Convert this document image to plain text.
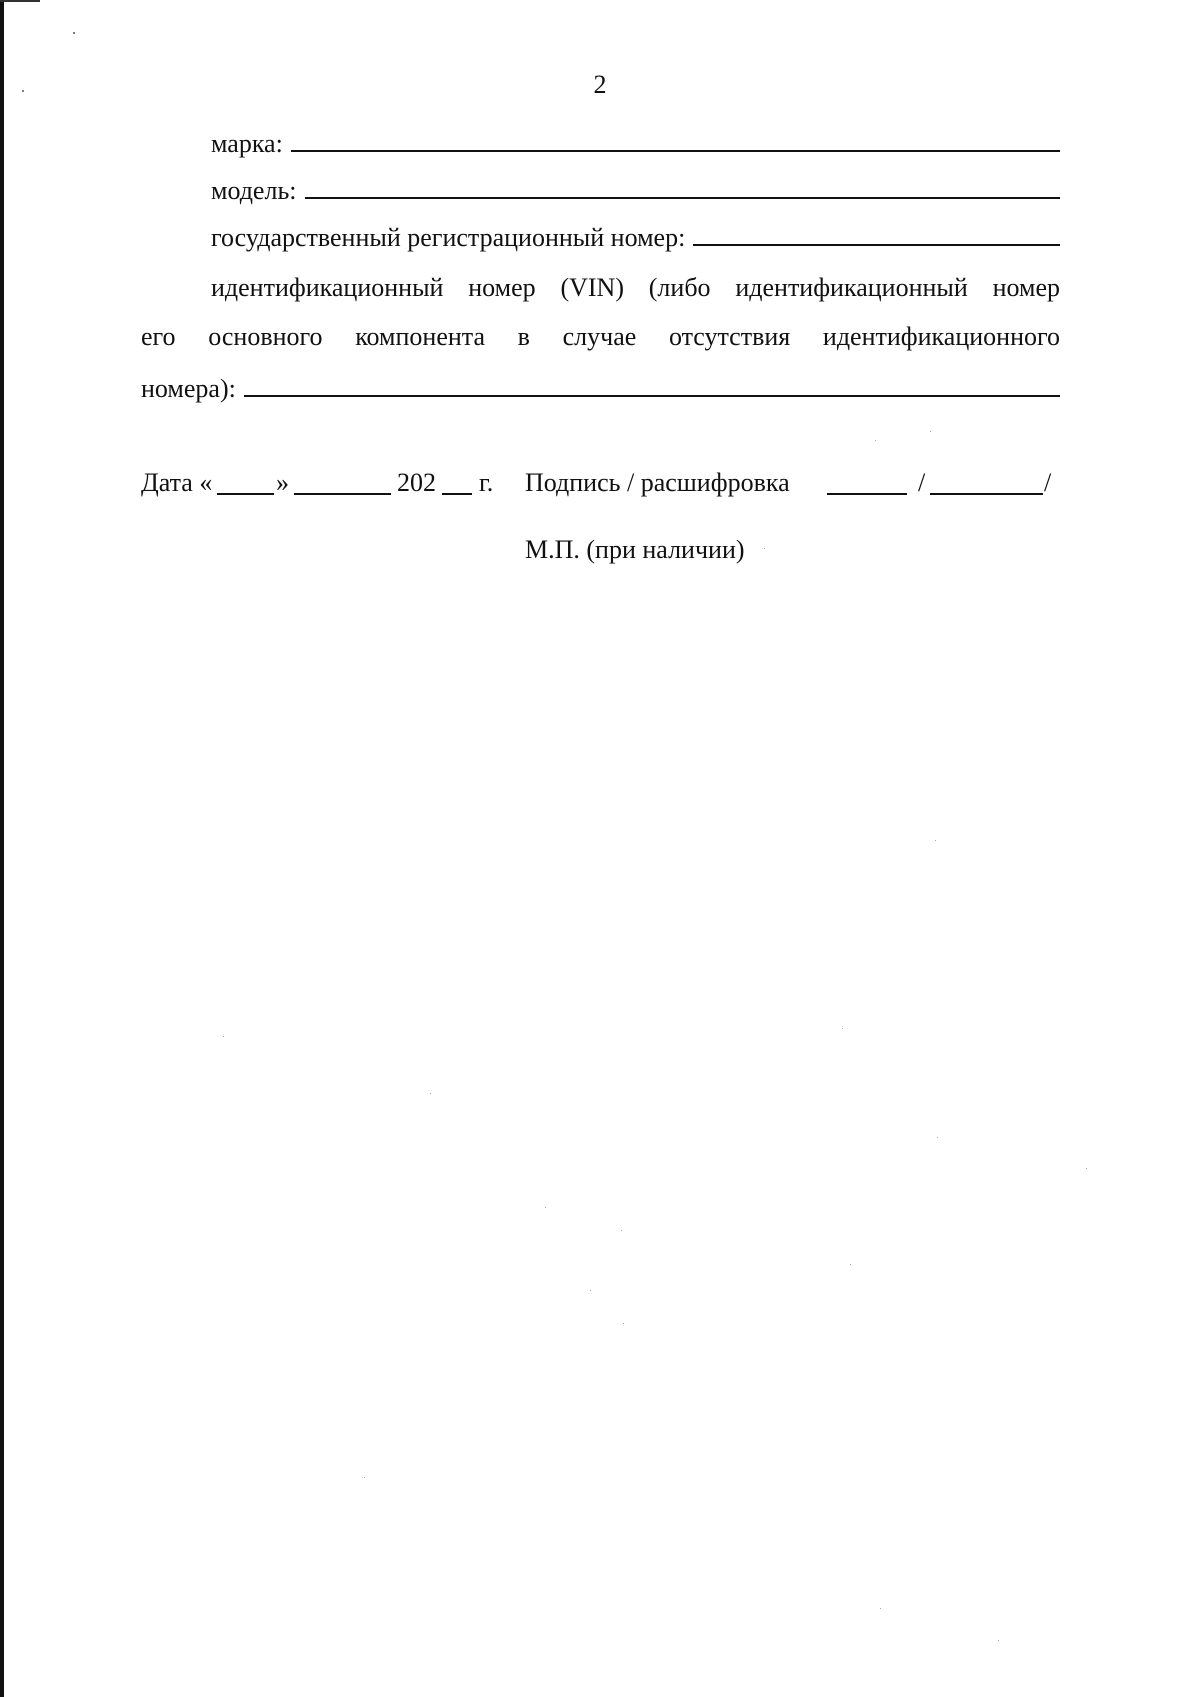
2
марка:
модель:
государственный регистрационный номер:
идентификационный номер (VIN) (либо идентификационный номер
его основного компонента в случае отсутствия идентификационного
номера):
Дата « »	202 г. Подпись / расшифровка	/	/
М.П. (при наличии)
